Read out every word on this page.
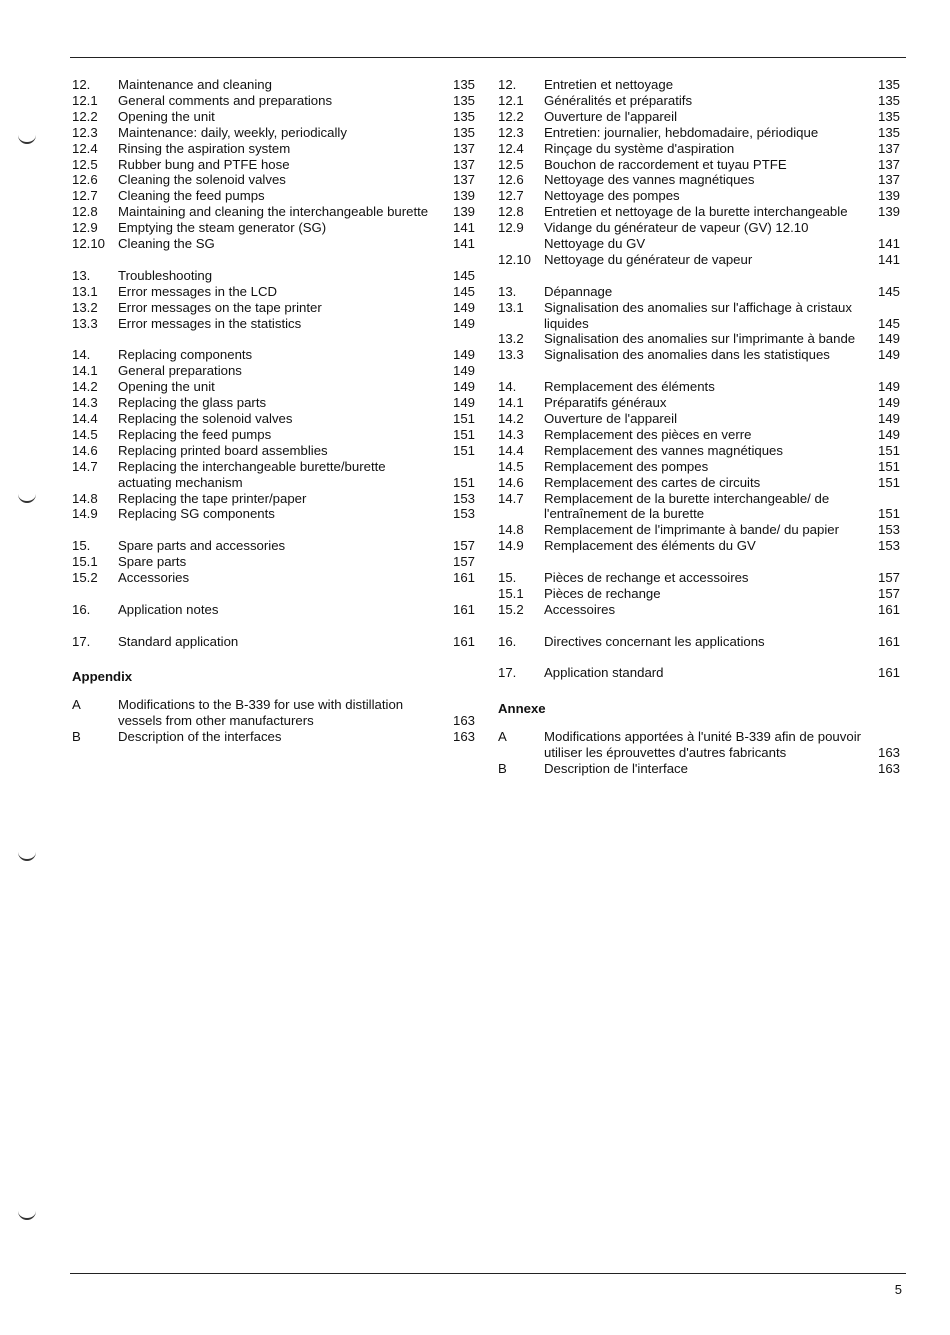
12. Maintenance and cleaning	135
12.1 General comments and preparations	135
12.2 Opening the unit	135
12.3 Maintenance: daily, weekly, periodically	135
12.4 Rinsing the aspiration system	137
12.5 Rubber bung and PTFE hose	137
12.6 Cleaning the solenoid valves	137
12.7 Cleaning the feed pumps	139
12.8 Maintaining and cleaning the interchangeable burette	139
12.9 Emptying the steam generator (SG)	141
12.10 Cleaning the SG	141
13. Troubleshooting	145
13.1 Error messages in the LCD	145
13.2 Error messages on the tape printer	149
13.3 Error messages in the statistics	149
14. Replacing components	149
14.1 General preparations	149
14.2 Opening the unit	149
14.3 Replacing the glass parts	149
14.4 Replacing the solenoid valves	151
14.5 Replacing the feed pumps	151
14.6 Replacing printed board assemblies	151
14.7 Replacing the interchangeable burette/burette actuating mechanism	151
14.8 Replacing the tape printer/paper	153
14.9 Replacing SG components	153
15. Spare parts and accessories	157
15.1 Spare parts	157
15.2 Accessories	161
16. Application notes	161
17. Standard application	161
Appendix
A	Modifications to the B-339 for use with distillation vessels from other manufacturers	163
B	Description of the interfaces	163
12. Entretien et nettoyage	135
12.1 Généralités et préparatifs	135
12.2 Ouverture de l'appareil	135
12.3 Entretien: journalier, hebdomadaire, périodique	135
12.4 Rinçage du système d'aspiration	137
12.5 Bouchon de raccordement et tuyau PTFE	137
12.6 Nettoyage des vannes magnétiques	137
12.7 Nettoyage des pompes	139
12.8 Entretien et nettoyage de la burette interchangeable	139
12.9 Vidange du générateur de vapeur (GV) 12.10 Nettoyage du GV	141
12.10 Nettoyage du générateur de vapeur	141
13. Dépannage	145
13.1 Signalisation des anomalies sur l'affichage à cristaux liquides	145
13.2 Signalisation des anomalies sur l'imprimante à bande	149
13.3 Signalisation des anomalies dans les statistiques	149
14. Remplacement des éléments	149
14.1 Préparatifs généraux	149
14.2 Ouverture de l'appareil	149
14.3 Remplacement des pièces en verre	149
14.4 Remplacement des vannes magnétiques	151
14.5 Remplacement des pompes	151
14.6 Remplacement des cartes de circuits	151
14.7 Remplacement de la burette interchangeable/ de l'entraînement de la burette	151
14.8 Remplacement de l'imprimante à bande/ du papier	153
14.9 Remplacement des éléments du GV	153
15. Pièces de rechange et accessoires	157
15.1 Pièces de rechange	157
15.2 Accessoires	161
16. Directives concernant les applications	161
17. Application standard	161
Annexe
A	Modifications apportées à l'unité B-339 afin de pouvoir utiliser les éprouvettes d'autres fabricants	163
B	Description de l'interface	163
5
